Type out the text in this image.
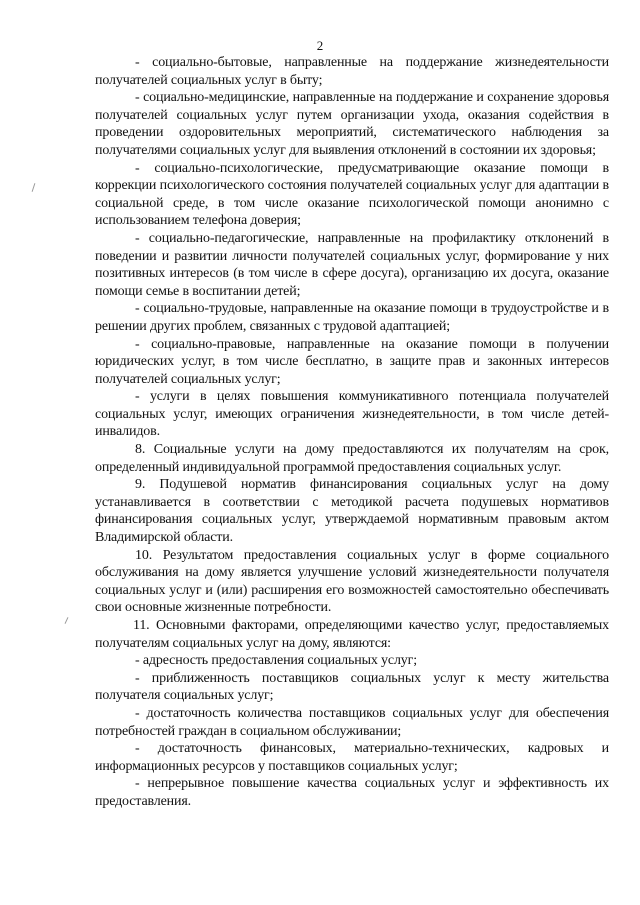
2

- социально-бытовые, направленные на поддержание жизнедеятельности получателей социальных услуг в быту;

- социально-медицинские, направленные на поддержание и сохранение здоровья получателей социальных услуг путем организации ухода, оказания содействия в проведении оздоровительных мероприятий, систематического наблюдения за получателями социальных услуг для выявления отклонений в состоянии их здоровья;

- социально-психологические, предусматривающие оказание помощи в коррекции психологического состояния получателей социальных услуг для адаптации в социальной среде, в том числе оказание психологической помощи анонимно с использованием телефона доверия;

- социально-педагогические, направленные на профилактику отклонений в поведении и развитии личности получателей социальных услуг, формирование у них позитивных интересов (в том числе в сфере досуга), организацию их досуга, оказание помощи семье в воспитании детей;

- социально-трудовые, направленные на оказание помощи в трудоустройстве и в решении других проблем, связанных с трудовой адаптацией;

- социально-правовые, направленные на оказание помощи в получении юридических услуг, в том числе бесплатно, в защите прав и законных интересов получателей социальных услуг;

- услуги в целях повышения коммуникативного потенциала получателей социальных услуг, имеющих ограничения жизнедеятельности, в том числе детей-инвалидов.

8. Социальные услуги на дому предоставляются их получателям на срок, определенный индивидуальной программой предоставления социальных услуг.

9. Подушевой норматив финансирования социальных услуг на дому устанавливается в соответствии с методикой расчета подушевых нормативов финансирования социальных услуг, утверждаемой нормативным правовым актом Владимирской области.

10. Результатом предоставления социальных услуг в форме социального обслуживания на дому является улучшение условий жизнедеятельности получателя социальных услуг и (или) расширения его возможностей самостоятельно обеспечивать свои основные жизненные потребности.

11. Основными факторами, определяющими качество услуг, предоставляемых получателям социальных услуг на дому, являются:

- адресность предоставления социальных услуг;

- приближенность поставщиков социальных услуг к месту жительства получателя социальных услуг;

- достаточность количества поставщиков социальных услуг для обеспечения потребностей граждан в социальном обслуживании;

- достаточность финансовых, материально-технических, кадровых и информационных ресурсов у поставщиков социальных услуг;

- непрерывное повышение качества социальных услуг и эффективность их предоставления.
